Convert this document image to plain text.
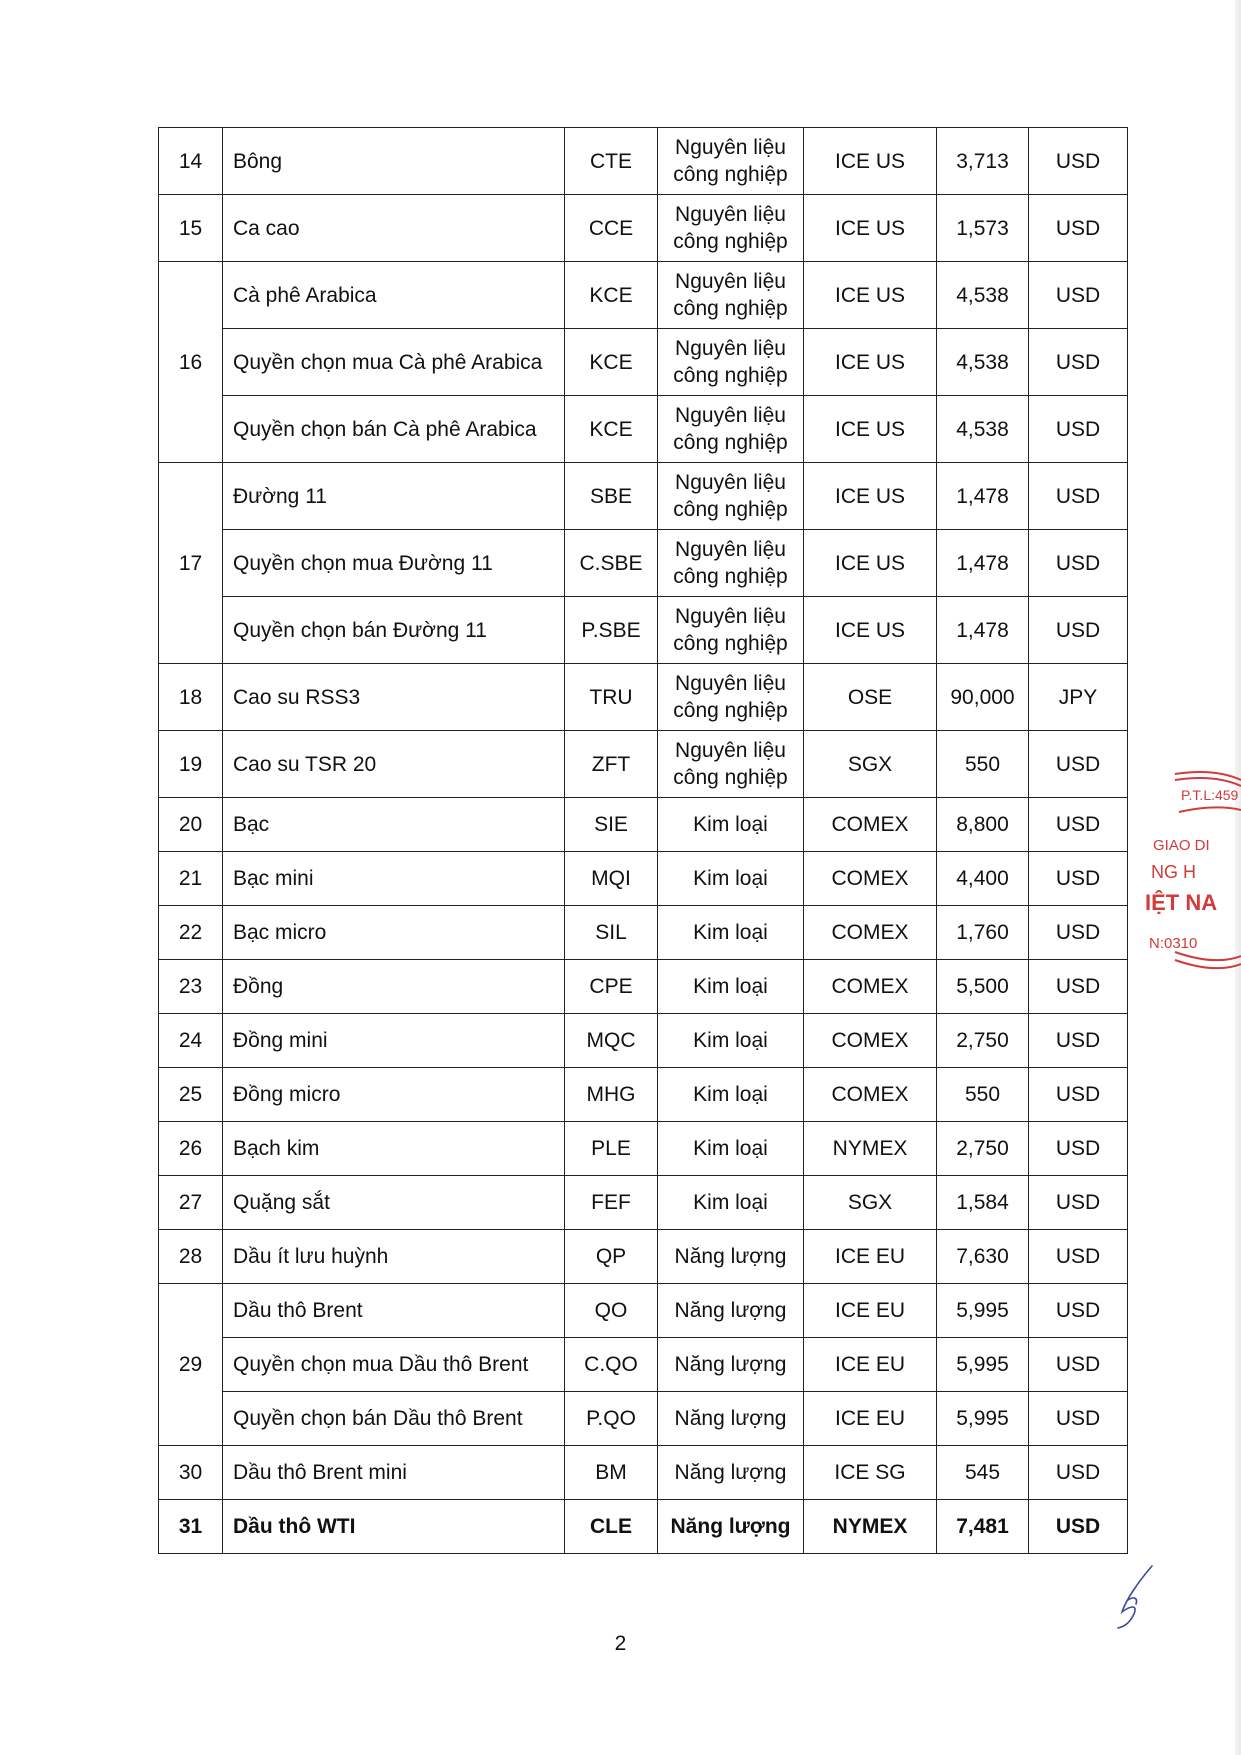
14	Bông	CTE	Nguyên liệu công nghiệp	ICE US	3,713	USD
15	Ca cao	CCE	Nguyên liệu công nghiệp	ICE US	1,573	USD
16	Cà phê Arabica	KCE	Nguyên liệu công nghiệp	ICE US	4,538	USD
	Quyền chọn mua Cà phê Arabica	KCE	Nguyên liệu công nghiệp	ICE US	4,538	USD
	Quyền chọn bán Cà phê Arabica	KCE	Nguyên liệu công nghiệp	ICE US	4,538	USD
17	Đường 11	SBE	Nguyên liệu công nghiệp	ICE US	1,478	USD
	Quyền chọn mua Đường 11	C.SBE	Nguyên liệu công nghiệp	ICE US	1,478	USD
	Quyền chọn bán Đường 11	P.SBE	Nguyên liệu công nghiệp	ICE US	1,478	USD
18	Cao su RSS3	TRU	Nguyên liệu công nghiệp	OSE	90,000	JPY
19	Cao su TSR 20	ZFT	Nguyên liệu công nghiệp	SGX	550	USD
20	Bạc	SIE	Kim loại	COMEX	8,800	USD
21	Bạc mini	MQI	Kim loại	COMEX	4,400	USD
22	Bạc micro	SIL	Kim loại	COMEX	1,760	USD
23	Đồng	CPE	Kim loại	COMEX	5,500	USD
24	Đồng mini	MQC	Kim loại	COMEX	2,750	USD
25	Đồng micro	MHG	Kim loại	COMEX	550	USD
26	Bạch kim	PLE	Kim loại	NYMEX	2,750	USD
27	Quặng sắt	FEF	Kim loại	SGX	1,584	USD
28	Dầu ít lưu huỳnh	QP	Năng lượng	ICE EU	7,630	USD
29	Dầu thô Brent	QO	Năng lượng	ICE EU	5,995	USD
	Quyền chọn mua Dầu thô Brent	C.QO	Năng lượng	ICE EU	5,995	USD
	Quyền chọn bán Dầu thô Brent	P.QO	Năng lượng	ICE EU	5,995	USD
30	Dầu thô Brent mini	BM	Năng lượng	ICE SG	545	USD
31	Dầu thô WTI	CLE	Năng lượng	NYMEX	7,481	USD
2
P.T.L:459
GIAO DI
NG H
IỆT NA
N:0310
